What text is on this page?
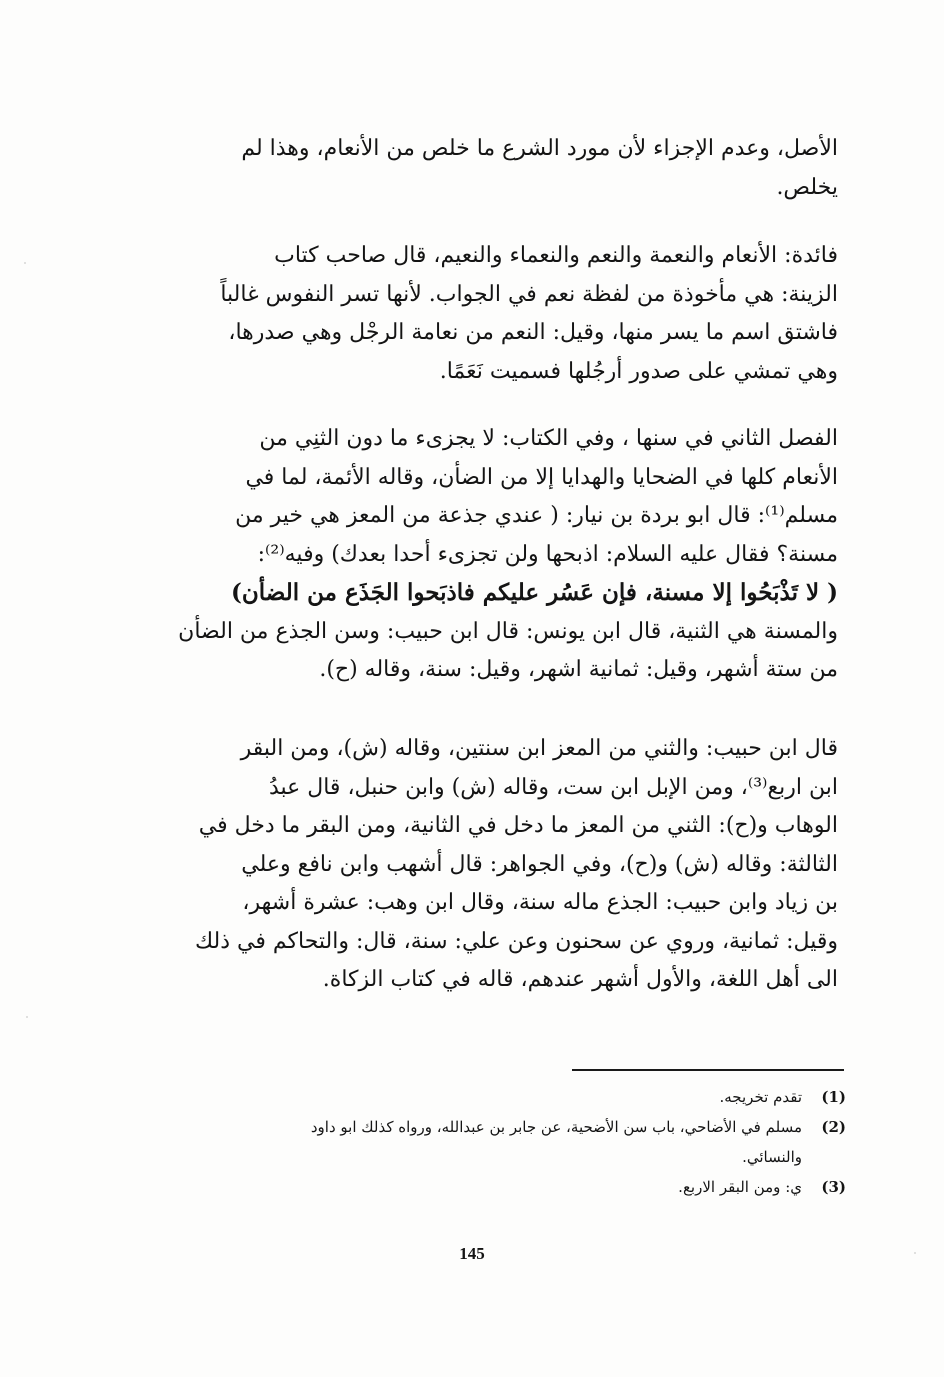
الأصل، وعدم الإجزاء لأن مورد الشرع ما خلص من الأنعام، وهذا لم
يخلص.
فائدة: الأنعام والنعمة والنعم والنعماء والنعيم، قال صاحب كتاب
الزينة: هي مأخوذة من لفظة نعم في الجواب. لأنها تسر النفوس غالباً
فاشتق اسم ما يسر منها، وقيل: النعم من نعامة الرجْل وهي صدرها،
وهي تمشي على صدور أرجُلها فسميت نَعَمًا.
الفصل الثاني في سنها ، وفي الكتاب: لا يجزىء ما دون الثنِي من
الأنعام كلها في الضحايا والهدايا إلا من الضأن، وقاله الأئمة، لما في
مسلم⁽¹⁾: قال ابو بردة بن نيار: ( عندي جذعة من المعز هي خير من
مسنة؟ فقال عليه السلام: اذبحها ولن تجزىء أحدا بعدك) وفيه⁽²⁾:
( لا تَذْبَحُوا إلا مسنة، فإن عَسُر عليكم فاذبَحوا الجَذَع من الضأن)
والمسنة هي الثنية، قال ابن يونس: قال ابن حبيب: وسن الجذع من الضأن
من ستة أشهر، وقيل: ثمانية اشهر، وقيل: سنة، وقاله (ح).
قال ابن حبيب: والثني من المعز ابن سنتين، وقاله (ش)، ومن البقر
ابن اربع⁽³⁾، ومن الإبل ابن ست، وقاله (ش) وابن حنبل، قال عبدُ
الوهاب و(ح): الثني من المعز ما دخل في الثانية، ومن البقر ما دخل في
الثالثة: وقاله (ش) و(ح)، وفي الجواهر: قال أشهب وابن نافع وعلي
بن زياد وابن حبيب: الجذع ماله سنة، وقال ابن وهب: عشرة أشهر،
وقيل: ثمانية، وروي عن سحنون وعن علي: سنة، قال: والتحاكم في ذلك
الى أهل اللغة، والأول أشهر عندهم، قاله في كتاب الزكاة.
(1)
تقدم تخريجه.
(2)
مسلم في الأضاحي، باب سن الأضحية، عن جابر بن عبدالله، ورواه كذلك ابو داود
والنسائي.
(3)
ي: ومن البقر الاربع.
145
